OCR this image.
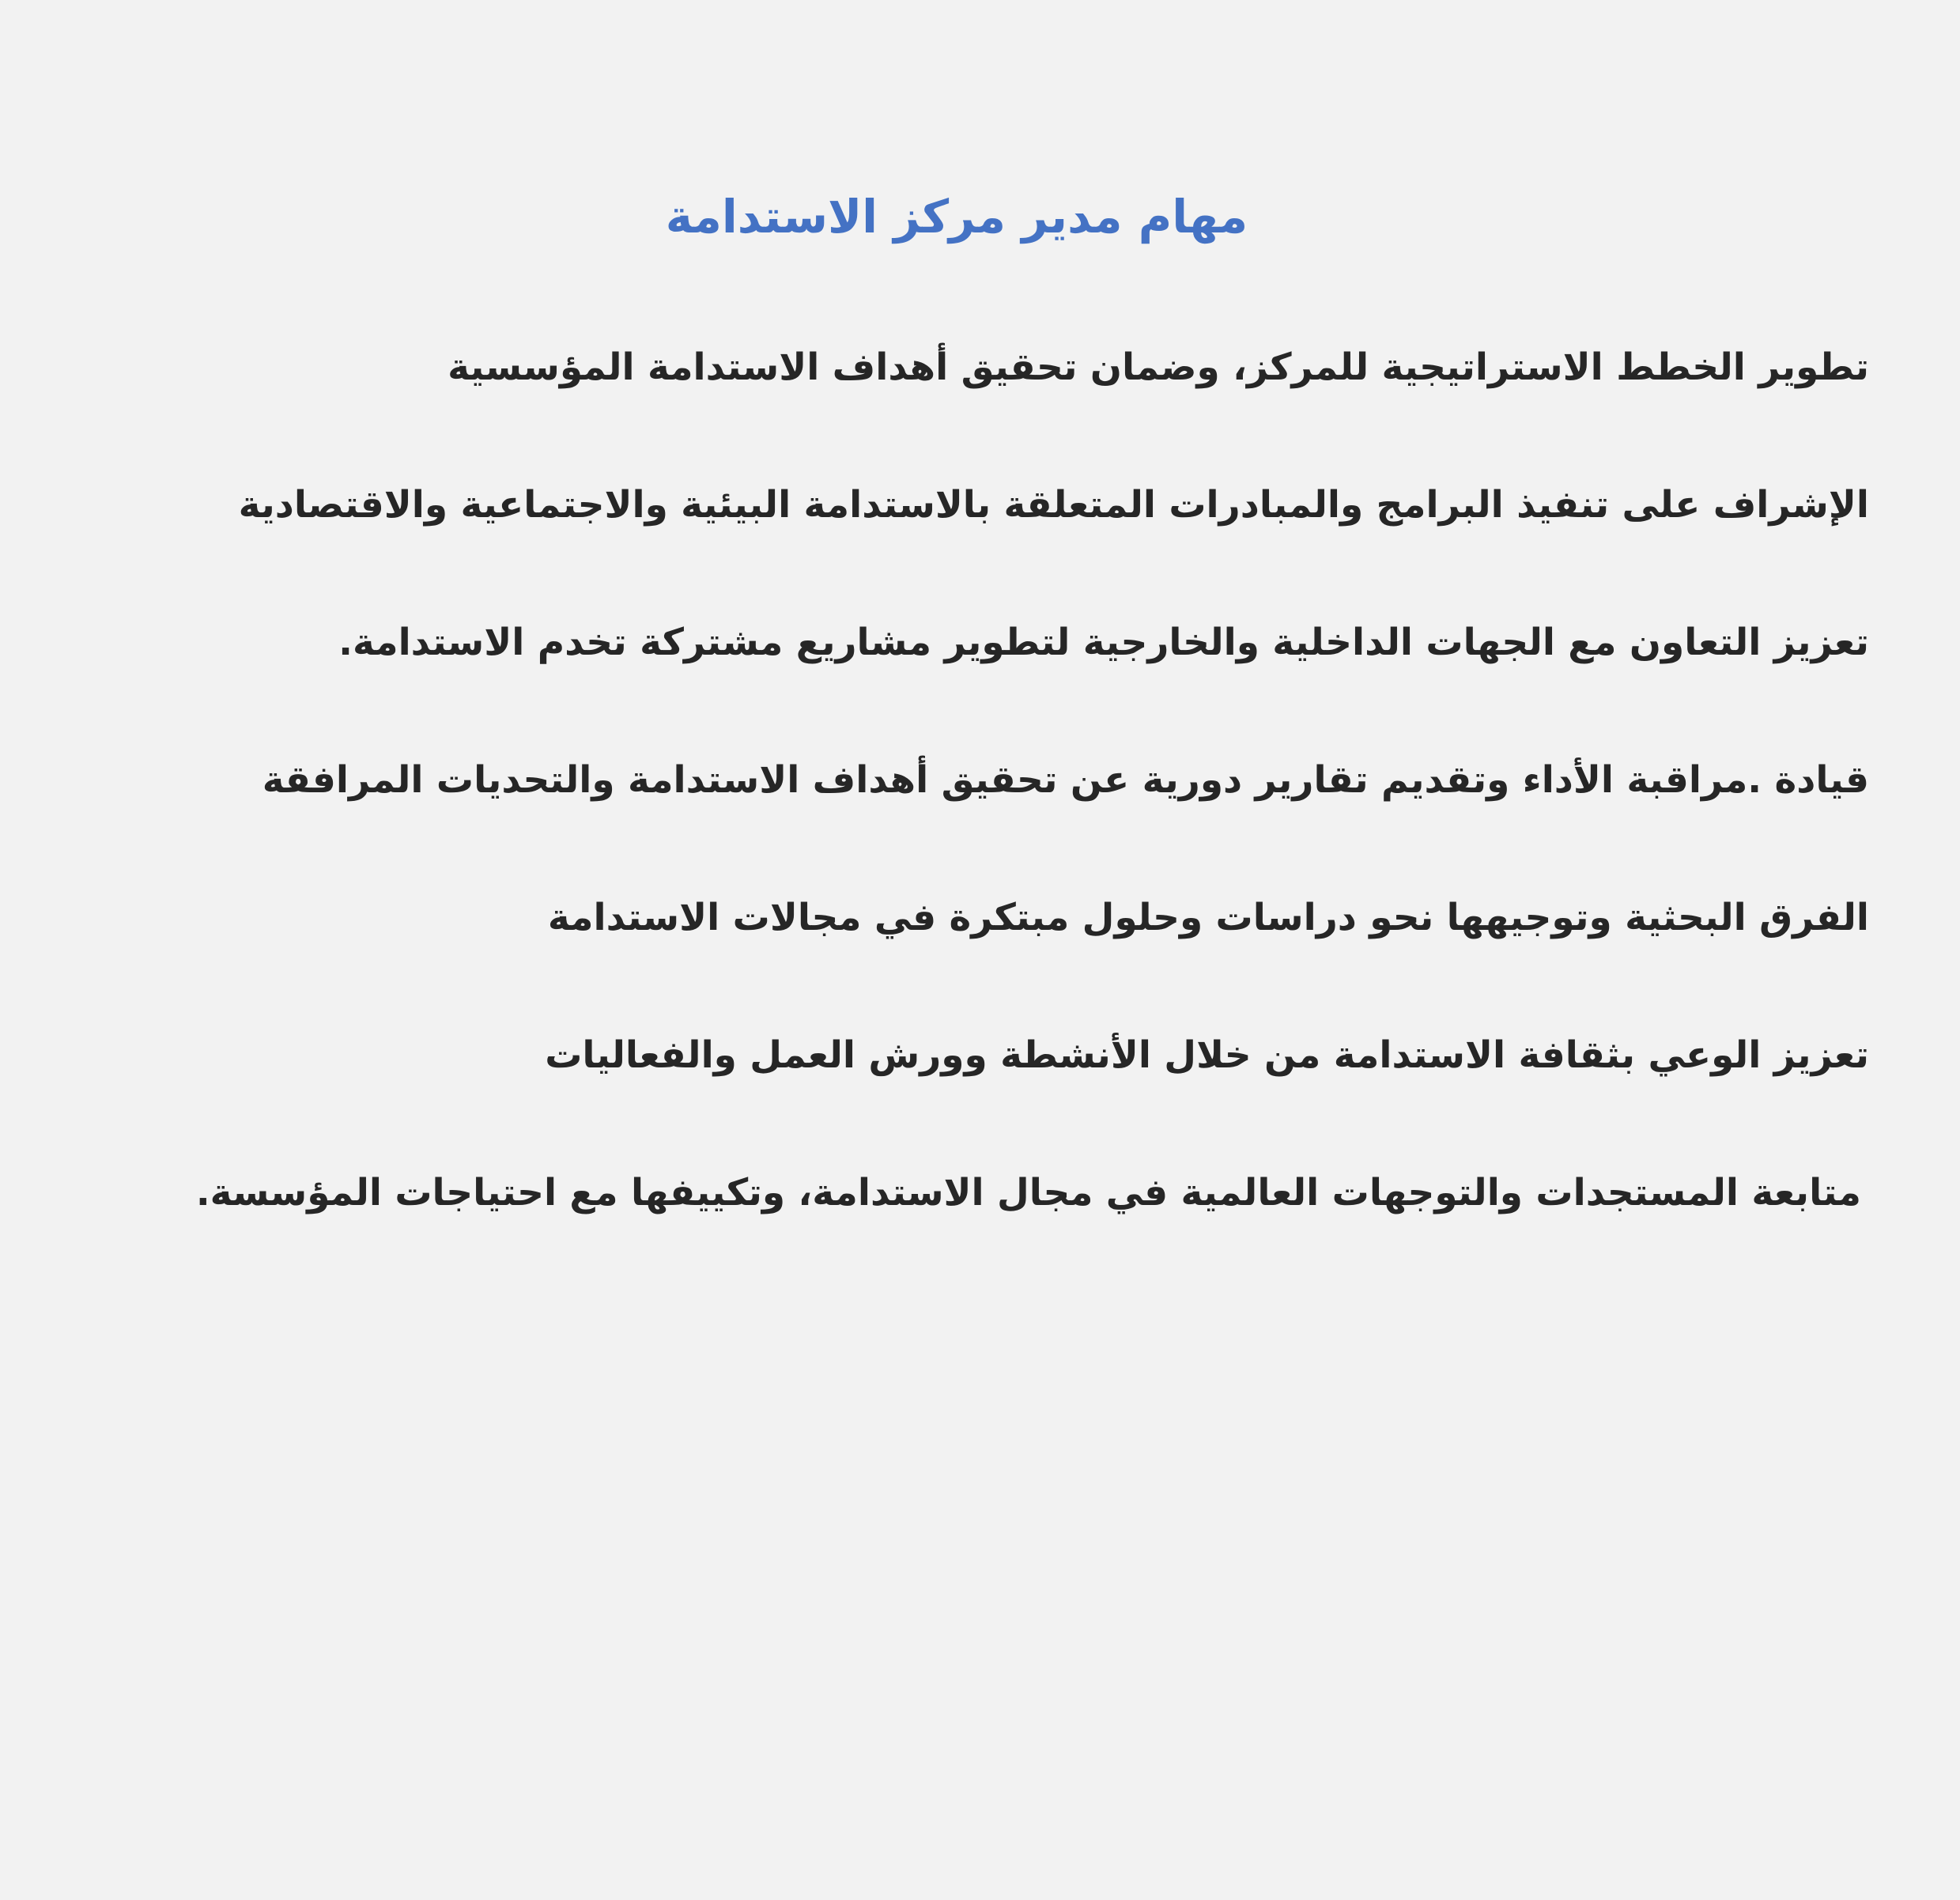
مهام مدير مركز الاستدامة
تطوير الخطط الاستراتيجية للمركز، وضمان تحقيق أهداف الاستدامة المؤسسية
الإشراف على تنفيذ البرامج والمبادرات المتعلقة بالاستدامة البيئية والاجتماعية والاقتصادية
تعزيز التعاون مع الجهات الداخلية والخارجية لتطوير مشاريع مشتركة تخدم الاستدامة.
قيادة .مراقبة الأداء وتقديم تقارير دورية عن تحقيق أهداف الاستدامة والتحديات المرافقة
الفرق البحثية وتوجيهها نحو دراسات وحلول مبتكرة في مجالات الاستدامة
تعزيز الوعي بثقافة الاستدامة من خلال الأنشطة وورش العمل والفعاليات
متابعة المستجدات والتوجهات العالمية في مجال الاستدامة، وتكييفها مع احتياجات المؤسسة.
